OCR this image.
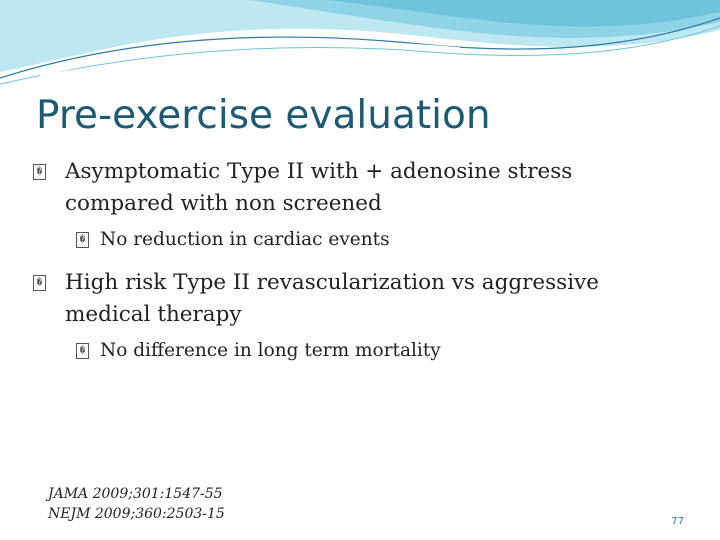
Pre-exercise evaluation
� Asymptomatic Type II with + adenosine stress compared with non screened
� No reduction in cardiac events
� High risk Type II revascularization vs aggressive medical therapy
� No difference in long term mortality
JAMA 2009;301:1547-55
NEJM 2009;360:2503-15	77
